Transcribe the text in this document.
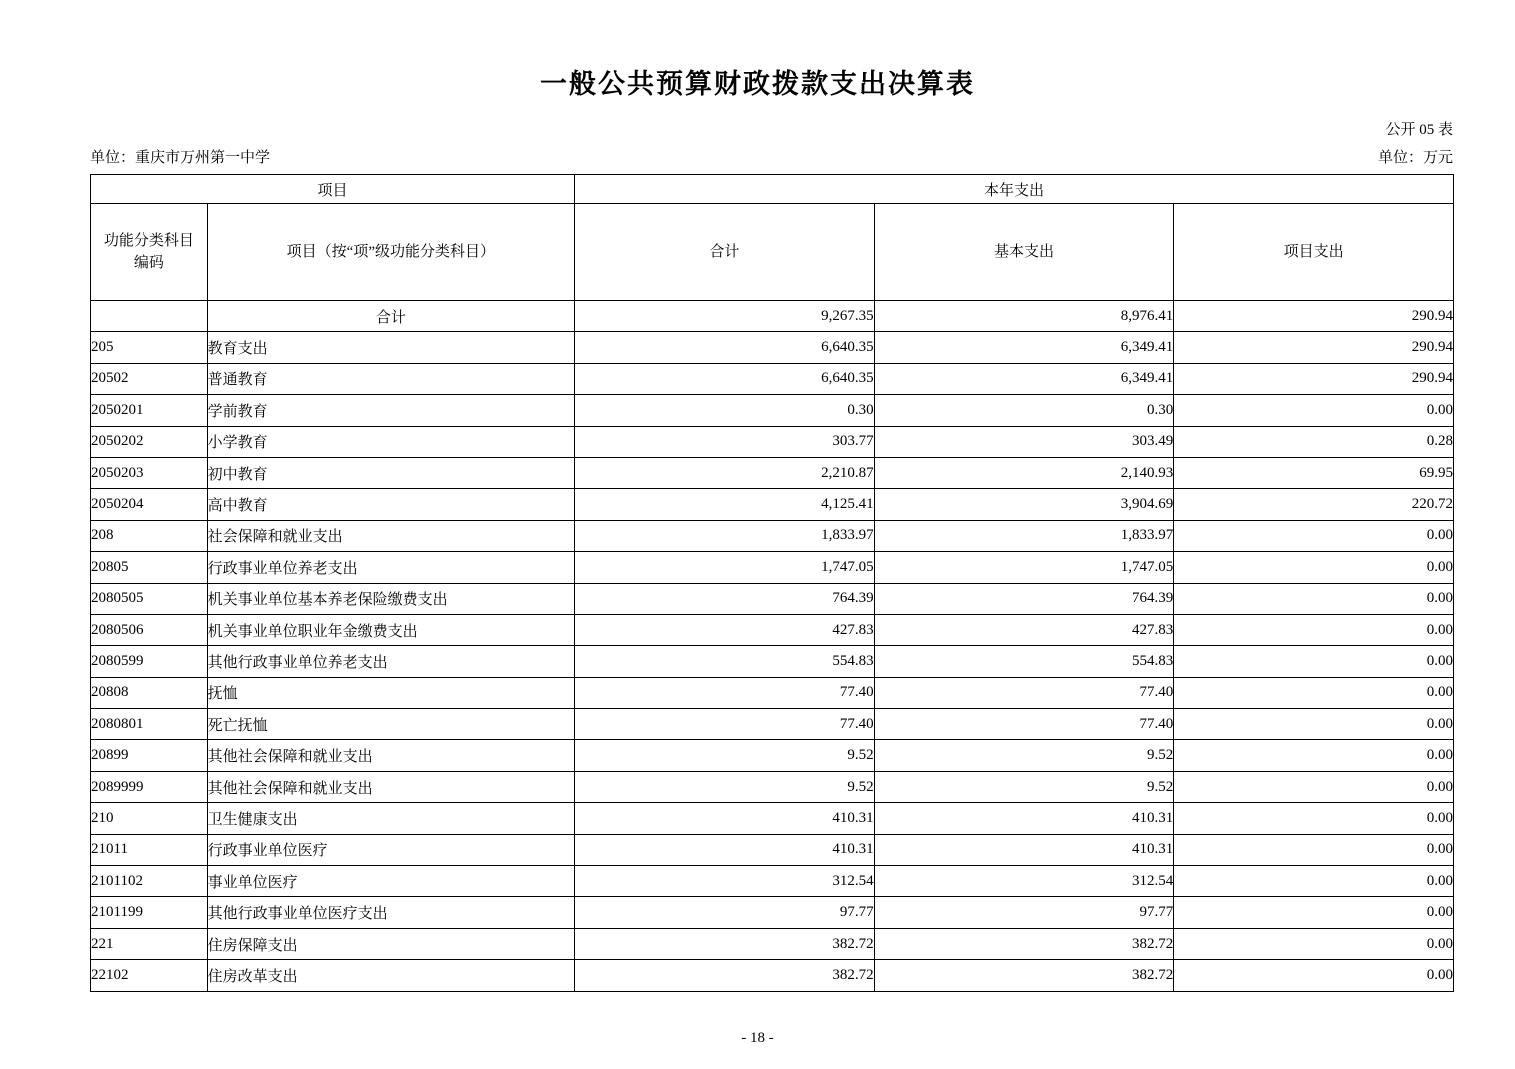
一般公共预算财政拨款支出决算表
公开 05 表
单位：重庆市万州第一中学	单位：万元
项目		本年支出		

功能分类科目
编码	项目（按“项”级功能分类科目）	合计	基本支出	项目支出
	合计	9,267.35	8,976.41	290.94
205	教育支出	6,640.35	6,349.41	290.94
20502	普通教育	6,640.35	6,349.41	290.94
2050201	学前教育	0.30	0.30	0.00
2050202	小学教育	303.77	303.49	0.28
2050203	初中教育	2,210.87	2,140.93	69.95
2050204	高中教育	4,125.41	3,904.69	220.72
208	社会保障和就业支出	1,833.97	1,833.97	0.00
20805	行政事业单位养老支出	1,747.05	1,747.05	0.00
2080505	机关事业单位基本养老保险缴费支出	764.39	764.39	0.00
2080506	机关事业单位职业年金缴费支出	427.83	427.83	0.00
2080599	其他行政事业单位养老支出	554.83	554.83	0.00
20808	抚恤	77.40	77.40	0.00
2080801	死亡抚恤	77.40	77.40	0.00
20899	其他社会保障和就业支出	9.52	9.52	0.00
2089999	其他社会保障和就业支出	9.52	9.52	0.00
210	卫生健康支出	410.31	410.31	0.00
21011	行政事业单位医疗	410.31	410.31	0.00
2101102	事业单位医疗	312.54	312.54	0.00
2101199	其他行政事业单位医疗支出	97.77	97.77	0.00
221	住房保障支出	382.72	382.72	0.00
22102	住房改革支出	382.72	382.72	0.00
- 18 -
